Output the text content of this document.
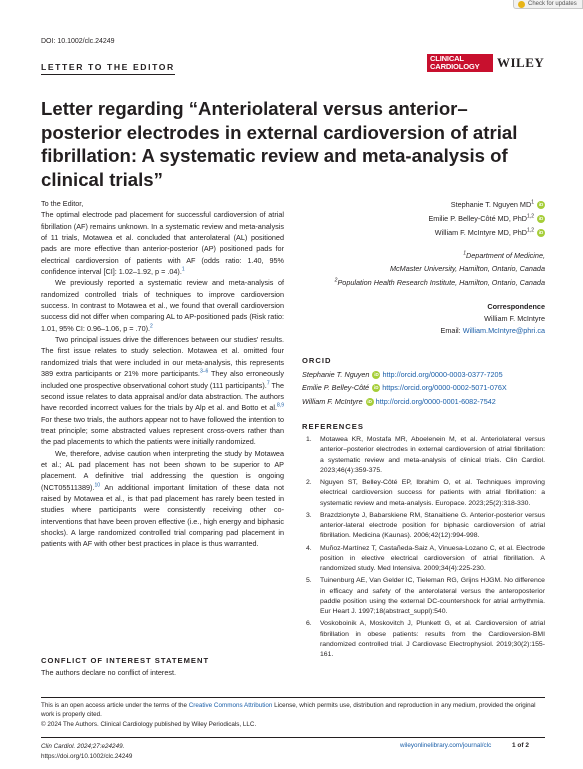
Check for updates
DOI: 10.1002/clc.24249
LETTER TO THE EDITOR
CLINICAL CARDIOLOGY	WILEY
Letter regarding “Anteriolateral versus anterior–posterior electrodes in external cardioversion of atrial fibrillation: A systematic review and meta-analysis of clinical trials”

To the Editor,

The optimal electrode pad placement for successful cardioversion of atrial fibrillation (AF) remains unknown. In a systematic review and meta-analysis of 11 trials, Motawea et al. concluded that anterolateral (AL) positioned pads are more effective than anterior-posterior (AP) positioned pads for electrical cardioversion of patients with AF (odds ratio: 1.40, 95% confidence interval [CI]: 1.02–1.92, p = .04).$^1$

We previously reported a systematic review and meta-analysis of randomized controlled trials of techniques to improve cardioversion success. In contrast to Motawea et al., we found that overall cardioversion success did not differ when comparing AL to AP-positioned pads (Risk ratio: 1.01, 95% CI: 0.96–1.06, p = .70).$^2$

Two principal issues drive the differences between our studies' results. The first issue relates to study selection. Motawea et al. omitted four randomized trials that were included in our meta-analysis, this represents 389 extra participants or 21% more participants.$^{3-6}$ They also erroneously included one prospective observational cohort study (111 participants).$^7$ The second issue relates to data appraisal and/or data abstraction. The authors have recorded incorrect values for the trials by Alp et al. and Botto et al.$^{8,9}$ For these two trials, the authors appear not to have followed the intention to treat principle; some abstracted values represent cross-overs rather than the pad placements to which the patients were initially randomized.

We, therefore, advise caution when interpreting the study by Motawea et al.; AL pad placement has not been shown to be superior to AP placement. A definitive trial addressing the question is ongoing (NCT05511389).$^{10}$ An additional important limitation of these data not raised by Motawea et al., is that pad placement has rarely been tested in studies where participants were consistently receiving other co-interventions that have been proven effective (i.e., high energy and biphasic shocks). A large randomized controlled trial comparing pad placement in patients with AF with other best practices in place is thus warranted.

CONFLICT OF INTEREST STATEMENT
The authors declare no conflict of interest.
Stephanie T. Nguyen $MD^1$ iD
Emilie P. Belley-Côté MD, PhD$^{1,2}$ iD
William F. McIntyre MD, PhD$^{1,2}$ iD
$^1$Department of Medicine,
McMaster University, Hamilton, Ontario, Canada
$^2$Population Health Research Institute, Hamilton, Ontario, Canada
Correspondence
William F. McIntyre
Email: William.McIntyre@phri.ca
ORCID
Stephanie T. Nguyen iD http://orcid.org/0000-0003-0377-7205
Emilie P. Belley-Côté iD https://orcid.org/0000-0002-5071-076X
William F. McIntyre iD http://orcid.org/0000-0001-6082-7542
REFERENCES
1. Motawea KR, Mostafa MR, Aboelenein M, et al. Anteriolateral versus anterior–posterior electrodes in external cardioversion of atrial fibrillation: a systematic review and meta-analysis of clinical trials. Clin Cardiol. 2023;46(4):359-375.
2. Nguyen ST, Belley-Côté EP, Ibrahim O, et al. Techniques improving electrical cardioversion success for patients with atrial fibrillation: a systematic review and meta-analysis. Europace. 2023;25(2):318-330.
3. Brazdzionyte J, Babarskiene RM, Stanaitiene G. Anterior-posterior versus anterior-lateral electrode position for biphasic cardioversion of atrial fibrillation. Medicina (Kaunas). 2006;42(12):994-998.
4. Muñoz-Martínez T, Castañeda-Saiz A, Vinuesa-Lozano C, et al. Electrode position in elective electrical cardioversion of atrial fibrillation. A randomized study. Med Intensiva. 2009;34(4):225-230.
5. Tuinenburg AE, Van Gelder IC, Tieleman RG, Grijns HJGM. No difference in efficacy and safety of the anterolateral versus the anteroposterior paddle position using the external DC-countershock for atrial arrhythmia. Eur Heart J. 1997;18(abstract_suppl):540.
6. Voskoboinik A, Moskovitch J, Plunkett G, et al. Cardioversion of atrial fibrillation in obese patients: results from the Cardioversion-BMI randomized controlled trial. J Cardiovasc Electrophysiol. 2019;30(2):155-161.
This is an open access article under the terms of the Creative Commons Attribution License, which permits use, distribution and reproduction in any medium, provided the original work is properly cited.
© 2024 The Authors. Clinical Cardiology published by Wiley Periodicals, LLC.
Clin Cardiol. 2024;27:e24249.
https://doi.org/10.1002/clc.24249
wileyonlinelibrary.com/journal/clc	1 of 2
